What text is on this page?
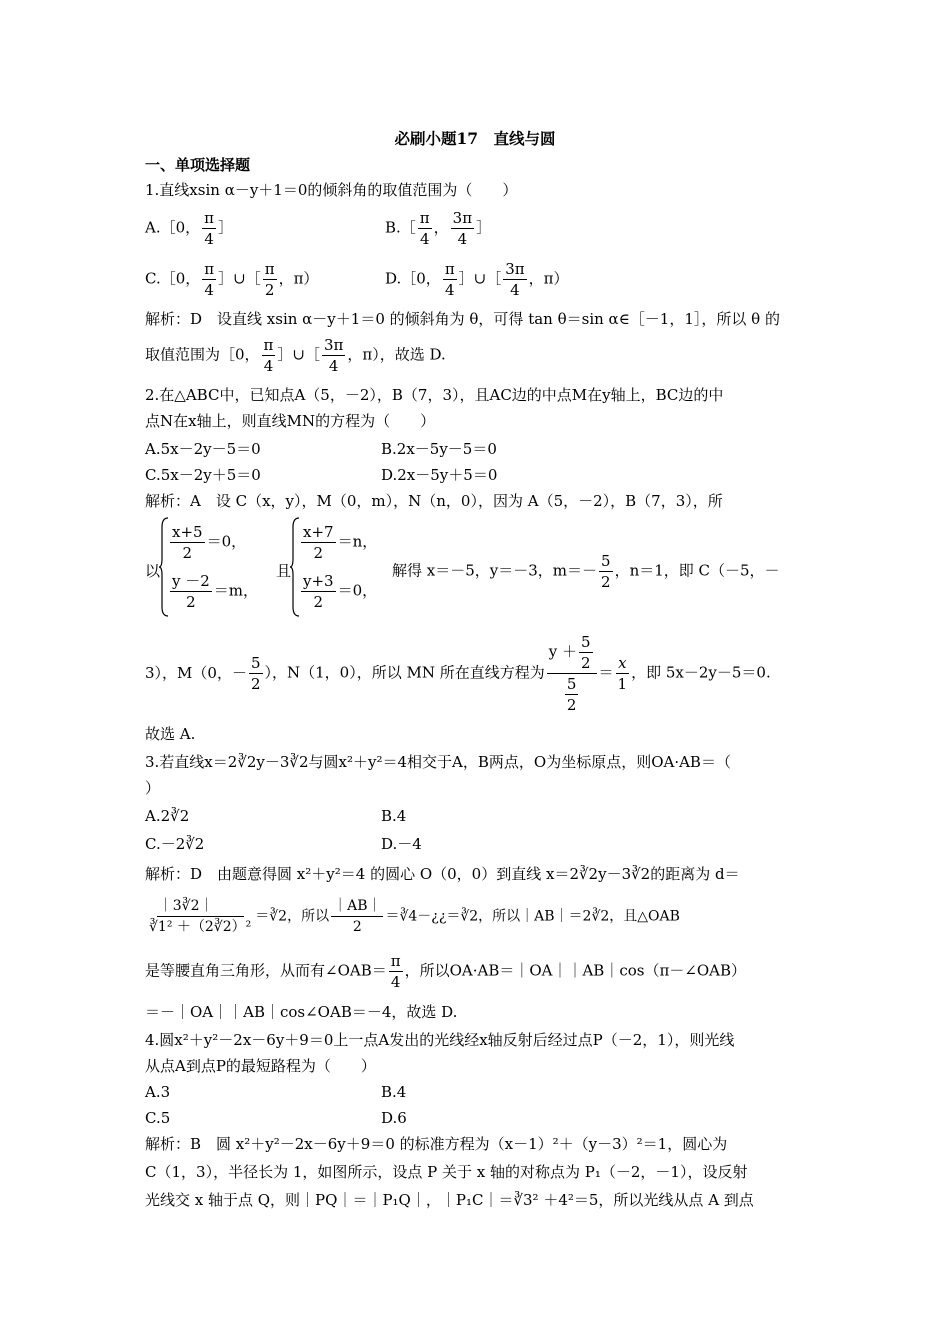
必刷小题17　直线与圆
一、单项选择题
1.直线xsin α－y＋1＝0的倾斜角的取值范围为（　　）
A.［0， $\frac{\pi}{4}$ ］	B.［ $\frac{\pi}{4}$ ， $\frac{3\pi}{4}$ ］
C.［0， $\frac{\pi}{4}$ ］∪［ $\frac{\pi}{2}$ ，π）	D.［0， $\frac{\pi}{4}$ ］∪［ $\frac{3\pi}{4}$ ，π）
解析：D　设直线 xsin α－y＋1＝0 的倾斜角为 θ，可得 tan θ＝sin α∈［－1，1］，所以 θ 的
取值范围为［0， $\frac{\pi}{4}$ ］∪［ $\frac{3\pi}{4}$ ，π），故选 D.
2.在△ABC中，已知点A（5，－2），B（7，3），且AC边的中点M在y轴上，BC边的中
点N在x轴上，则直线MN的方程为（　　）
A.5x－2y－5＝0	B.2x－5y－5＝0
C.5x－2y＋5＝0	D.2x－5y＋5＝0
解析：A　设 C（x，y），M（0，m），N（n，0），因为 A（5，－2），B（7，3），所
以
$\frac{x+5}{2} =0$，
$\frac{y -2}{2} =m$，
且
$\frac{x+7}{2} =n$，
$\frac{y+3}{2} =0$，
解得 x＝－5，y＝－3，$m=- \frac{5}{2}$ ，n＝1，即 C（－5，－
3），M（0，－ $\frac{5}{2}$ ），N（1，0），所以 MN 所在直线方程为 $\frac{y + \frac{5}{2}}{\frac{5}{2}} = \frac{x}{1}$ ，即 5x－2y－5＝0.
故选 A.
3.若直线x＝2∛2y－3∛2与圆x²＋y²＝4相交于A，B两点，O为坐标原点，则OA·AB＝（
）
A.2∛2	B.4
C.－2∛2	D.－4
解析：D　由题意得圆 x²＋y²＝4 的圆心 O（0，0）到直线 x＝2∛2y－3∛2的距离为 d＝
$\frac{|3∛2|}{\text{∛1² ＋（2∛2）²}}$ ＝∛2，所以 $\frac{|AB|}{2}$ ＝∛4－¿¿＝∛2，所以｜AB｜＝2∛2，且△OAB
是等腰直角三角形，从而有∠OAB＝ $\frac{\pi}{4}$ ，所以OA·AB＝｜OA｜｜AB｜cos（π－∠OAB）
＝－｜OA｜｜AB｜cos∠OAB＝－4，故选 D.
4.圆x²＋y²－2x－6y＋9＝0上一点A发出的光线经x轴反射后经过点P（－2，1），则光线
从点A到点P的最短路程为（　　）
A.3	B.4
C.5	D.6
解析：B　圆 x²＋y²－2x－6y＋9＝0 的标准方程为（x－1）²＋（y－3）²＝1，圆心为
C（1，3），半径长为 1，如图所示，设点 P 关于 x 轴的对称点为 P₁（－2，－1），设反射
光线交 x 轴于点 Q，则｜PQ｜＝｜P₁Q｜，｜P₁C｜＝∛3² ＋4²＝5，所以光线从点 A 到点
